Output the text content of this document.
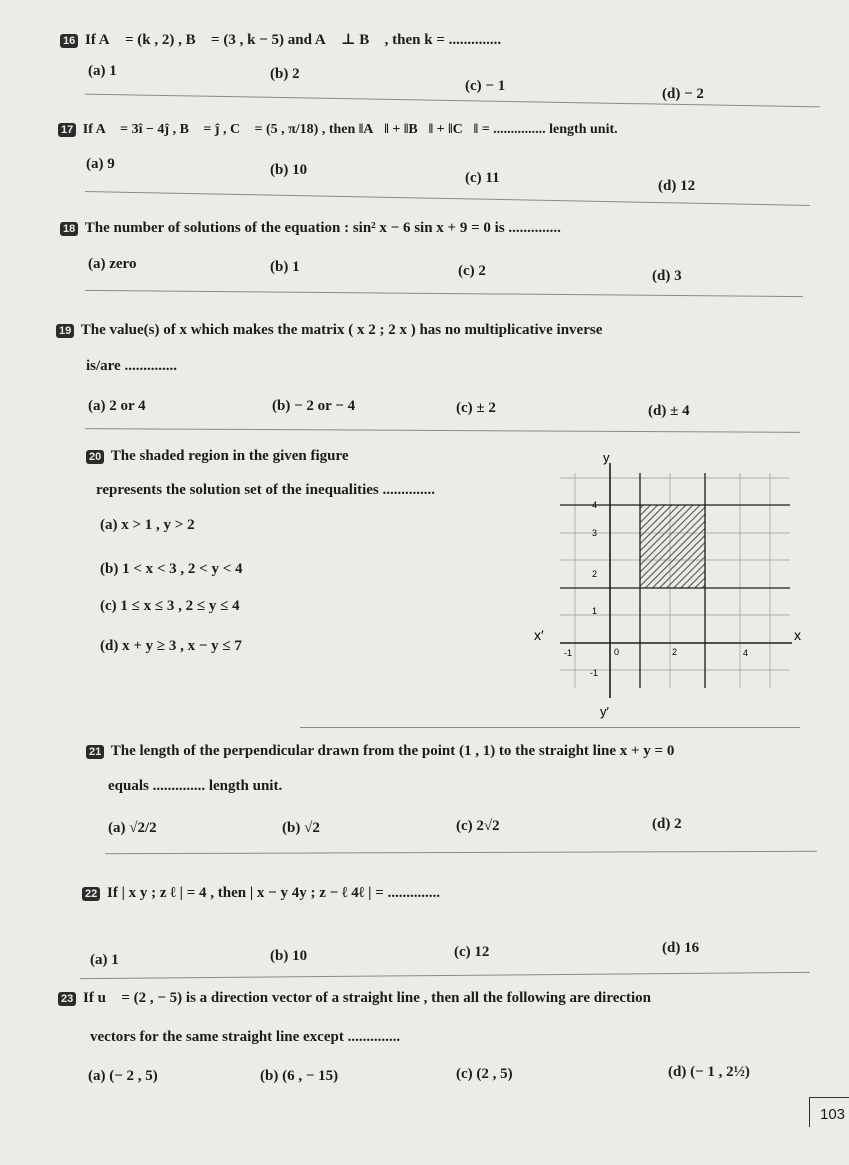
16 If A⃗ = (k , 2) , B⃗ = (3 , k − 5) and A⃗ ⊥ B⃗ , then k = ..............
(a) 1	(b) 2
(c) − 1	(d) − 2
17 If A⃗ = 3î − 4ĵ , B⃗ = ĵ , C⃗ = (5 , π/18) , then ‖A⃗‖ + ‖B⃗‖ + ‖C⃗‖ = ............... length unit.
(a) 9	(b) 10	(c) 11	(d) 12
18 The number of solutions of the equation : sin² x − 6 sin x + 9 = 0 is ..............
(a) zero	(b) 1	(c) 2	(d) 3
19 The value(s) of x which makes the matrix ( x 2 ; 2 x ) has no multiplicative inverse
is/are ..............
(a) 2 or 4	(b) − 2 or − 4	(c) ± 2	(d) ± 4
20 The shaded region in the given figure
represents the solution set of the inequalities ..............
(a) x > 1 , y > 2
(b) 1 < x < 3 , 2 < y < 4
(c) 1 ≤ x ≤ 3 , 2 ≤ y ≤ 4
(d) x + y ≥ 3 , x − y ≤ 7
y
y′
x
x′
4
3
2
1
-1
-1	0	2	4
21 The length of the perpendicular drawn from the point (1 , 1) to the straight line x + y = 0
equals .............. length unit.
(a) √2/2	(b) √2	(c) 2√2	(d) 2
22 If | x y ; z ℓ | = 4 , then | x − y 4y ; z − ℓ 4ℓ | = ..............
(a) 1	(b) 10	(c) 12	(d) 16
23 If u⃗ = (2 , − 5) is a direction vector of a straight line , then all the following are direction
vectors for the same straight line except ..............
(a) (− 2 , 5)	(b) (6 , − 15)	(c) (2 , 5)	(d) (− 1 , 2½)
103
